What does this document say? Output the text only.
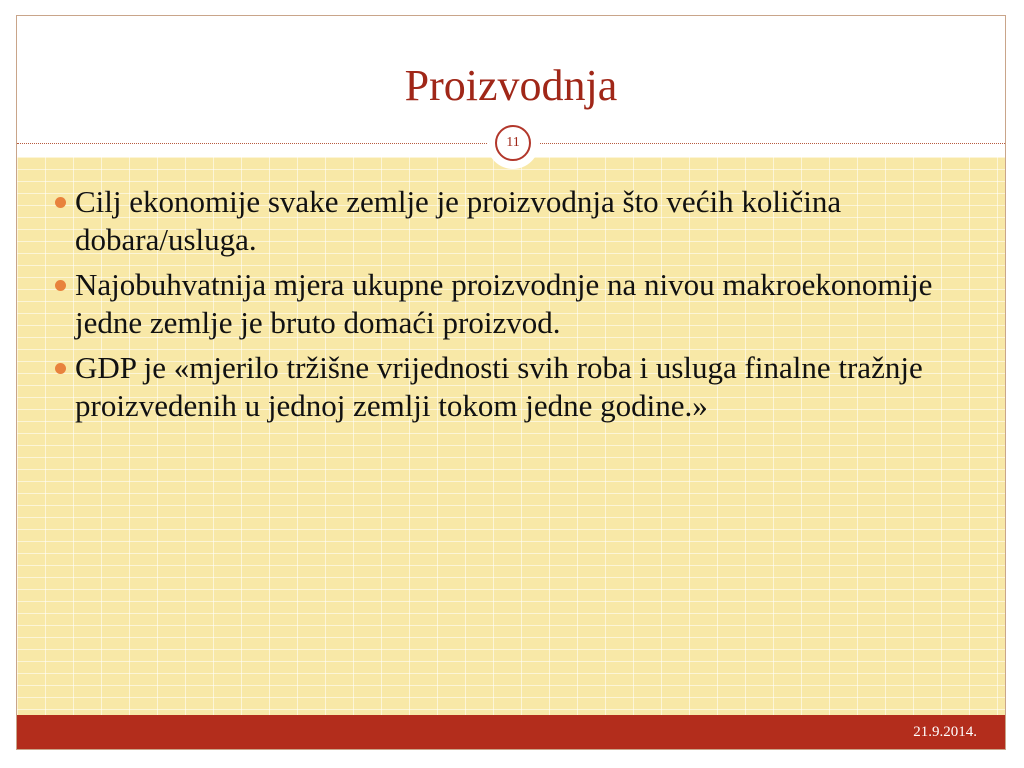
Proizvodnja
11
Cilj ekonomije svake zemlje je proizvodnja što većih količina dobara/usluga.
Najobuhvatnija mjera ukupne proizvodnje na nivou makroekonomije jedne zemlje je bruto domaći proizvod.
GDP je «mjerilo tržišne vrijednosti svih roba i usluga finalne tražnje proizvedenih u jednoj zemlji tokom jedne godine.»
21.9.2014.
